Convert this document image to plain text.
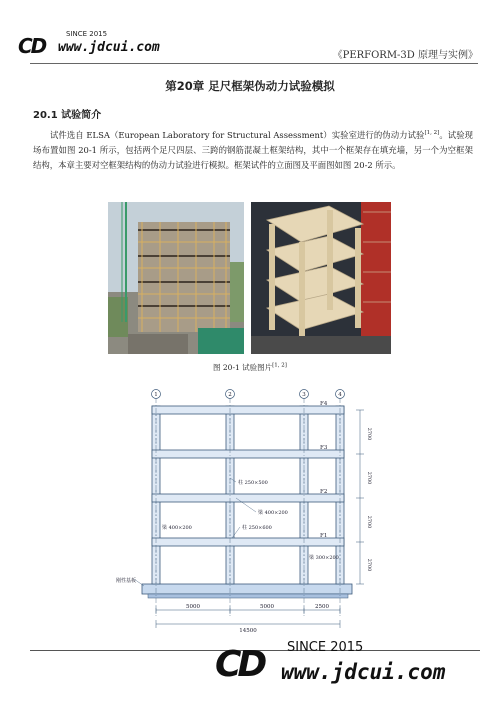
CD	SINCE 2015
www.jdcui.com
《PERFORM-3D 原理与实例》
第20章 足尺框架伪动力试验模拟
20.1 试验简介

试件选自 ELSA（European Laboratory for Structural Assessment）实验室进行的伪动力试验[1, 2]。试验现场布置如图 20-1 所示，包括两个足尺四层、三跨的钢筋混凝土框架结构，其中一个框架存在填充墙，另一个为空框架结构，本章主要对空框架结构的伪动力试验进行模拟。框架试件的立面图及平面图如图 20-2 所示。

图 20-1 试验图片[1, 2]
1	2	3	4
F4
F3
F2
F1
柱 250×500
梁 400×200
柱 250×600
梁 400×200
梁 300×200
刚性基板
2700
2700
2700
2700
5000	5000	2500
14500
CD SINCE 2015
www.jdcui.com
